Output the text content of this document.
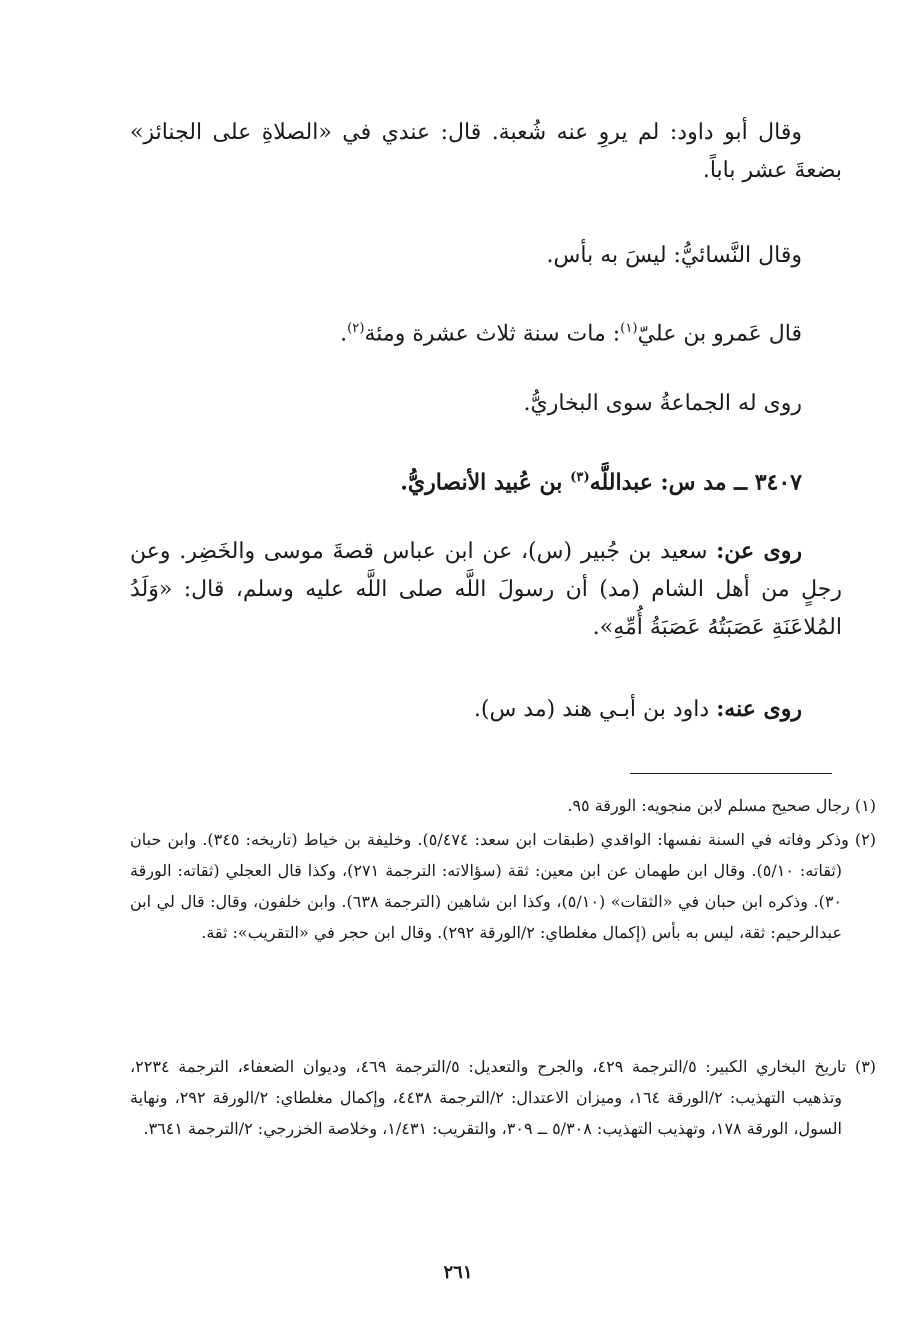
وقال أبو داود: لم يروِ عنه شُعبة. قال: عندي في «الصلاةِ على الجنائز» بضعةَ عشر باباً.

وقال النَّسائيُّ: ليسَ به بأس.

قال عَمرو بن عليّ$^{(١)}$: مات سنة ثلاث عشرة ومئة$^{(٢)}$.

روى له الجماعةُ سوى البخاريُّ.

٣٤٠٧ ــ مد س: عبداللَّه$^{(٣)}$ بن عُبيد الأنصاريُّ.

روى عن: سعيد بن جُبير (س)، عن ابن عباس قصةَ موسى والخَضِر. وعن رجلٍ من أهل الشام (مد) أن رسولَ اللَّه صلى اللَّه عليه وسلم، قال: «وَلَدُ المُلاعَنَةِ عَصَبَتُهُ عَصَبَةُ أُمِّهِ».

روى عنه: داود بن أبـي هند (مد س).

(١) رجال صحيح مسلم لابن منجويه: الورقة ٩٥.

(٢) وذكر وفاته في السنة نفسها: الواقدي (طبقات ابن سعد: ٥/٤٧٤). وخليفة بن خياط (تاريخه: ٣٤٥). وابن حبان (ثقاته: ٥/١٠). وقال ابن طهمان عن ابن معين: ثقة (سؤالاته: الترجمة ٢٧١)، وكذا قال العجلي (ثقاته: الورقة ٣٠). وذكره ابن حبان في «الثقات» (٥/١٠)، وكذا ابن شاهين (الترجمة ٦٣٨). وابن خلفون، وقال: قال لي ابن عبدالرحيم: ثقة، ليس به بأس (إكمال مغلطاي: ٢/الورقة ٢٩٢). وقال ابن حجر في «التقريب»: ثقة.

(٣) تاريخ البخاري الكبير: ٥/الترجمة ٤٢٩، والجرح والتعديل: ٥/الترجمة ٤٦٩، وديوان الضعفاء، الترجمة ٢٢٣٤، وتذهيب التهذيب: ٢/الورقة ١٦٤، وميزان الاعتدال: ٢/الترجمة ٤٤٣٨، وإكمال مغلطاي: ٢/الورقة ٢٩٢، ونهاية السول، الورقة ١٧٨، وتهذيب التهذيب: ٥/٣٠٨ ــ ٣٠٩، والتقريب: ١/٤٣١، وخلاصة الخزرجي: ٢/الترجمة ٣٦٤١.

٢٦١
